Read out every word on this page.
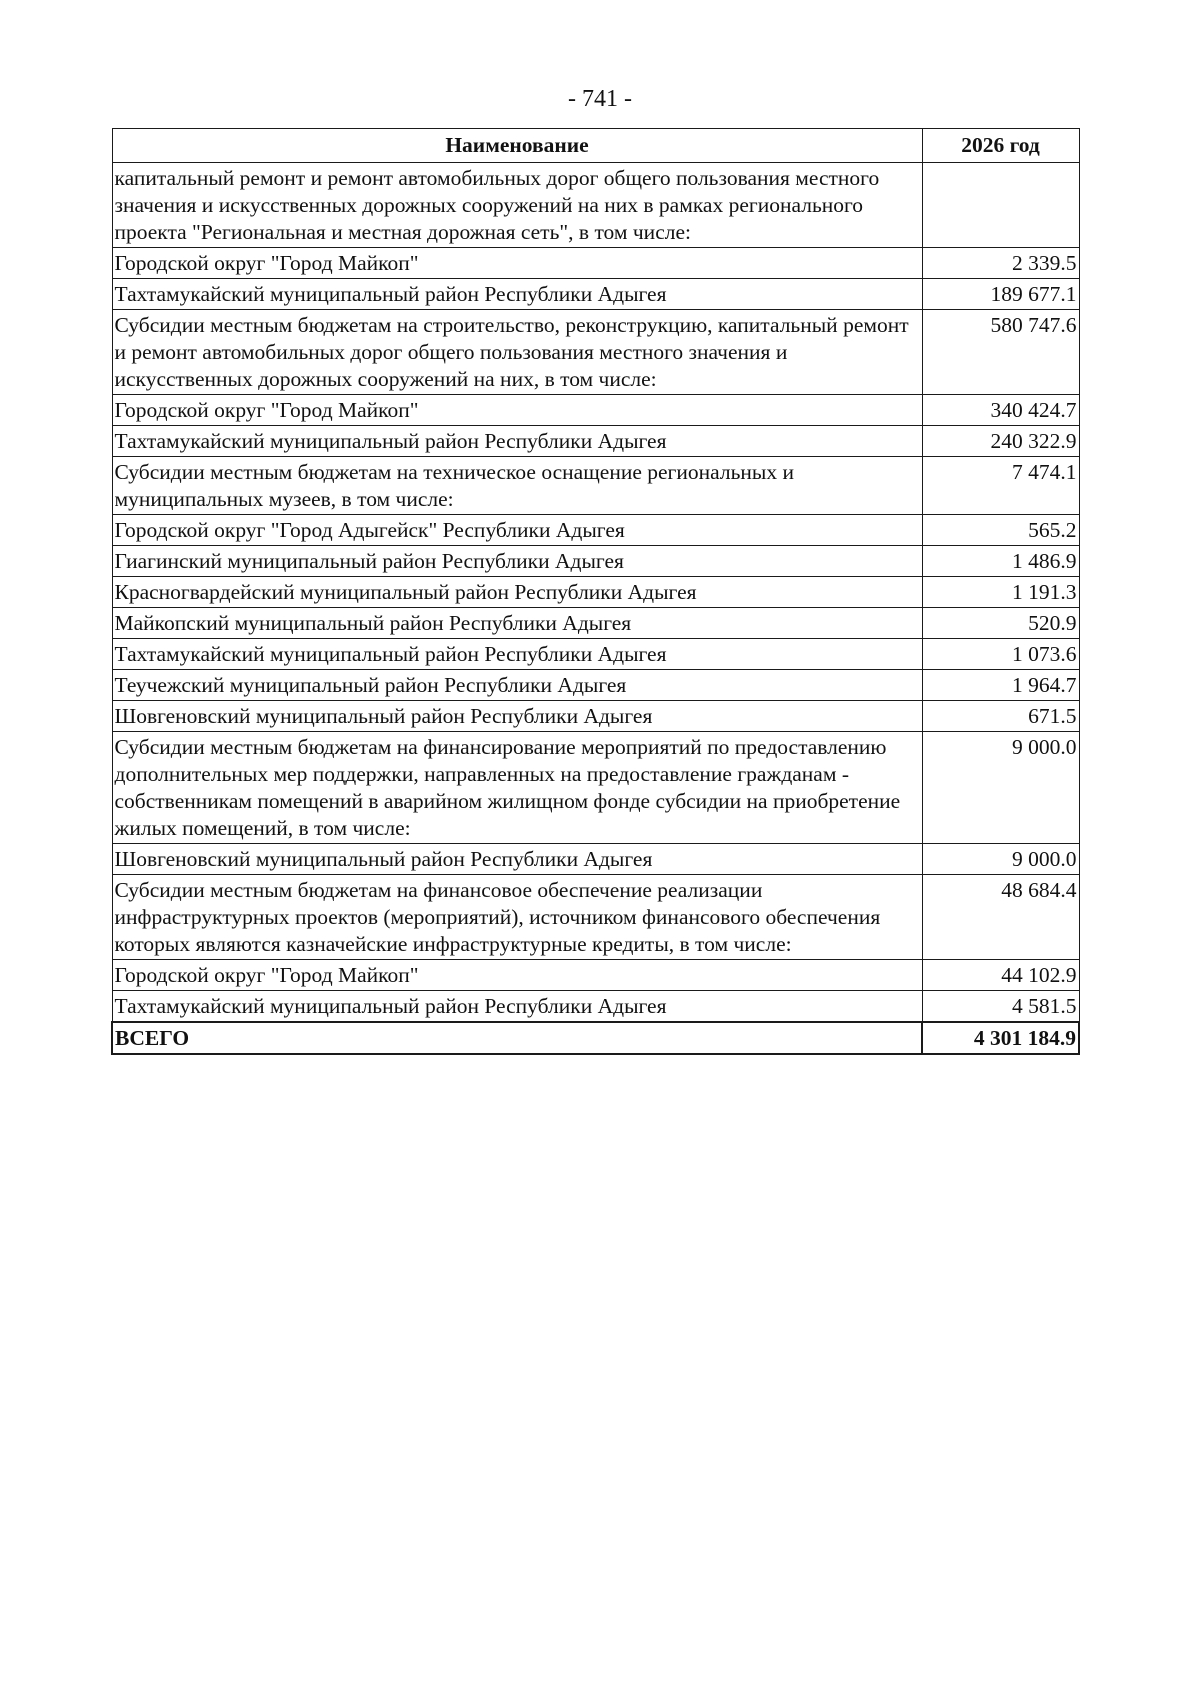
- 741 -
Наименование	2026 год
капитальный ремонт и ремонт автомобильных дорог общего пользования местного значения и искусственных дорожных сооружений на них в рамках регионального проекта "Региональная и местная дорожная сеть", в том числе:	
Городской округ "Город Майкоп"	2 339.5
Тахтамукайский муниципальный район Республики Адыгея	189 677.1
Субсидии местным бюджетам на строительство, реконструкцию, капитальный ремонт и ремонт автомобильных дорог общего пользования местного значения и искусственных дорожных сооружений на них, в том числе:	580 747.6
Городской округ "Город Майкоп"	340 424.7
Тахтамукайский муниципальный район Республики Адыгея	240 322.9
Субсидии местным бюджетам на техническое оснащение региональных и муниципальных музеев, в том числе:	7 474.1
Городской округ "Город Адыгейск" Республики Адыгея	565.2
Гиагинский муниципальный район Республики Адыгея	1 486.9
Красногвардейский муниципальный район Республики Адыгея	1 191.3
Майкопский муниципальный район Республики Адыгея	520.9
Тахтамукайский муниципальный район Республики Адыгея	1 073.6
Теучежский муниципальный район Республики Адыгея	1 964.7
Шовгеновский муниципальный район Республики Адыгея	671.5
Субсидии местным бюджетам на финансирование мероприятий по предоставлению дополнительных мер поддержки, направленных на предоставление гражданам - собственникам помещений в аварийном жилищном фонде субсидии на приобретение жилых помещений, в том числе:	9 000.0
Шовгеновский муниципальный район Республики Адыгея	9 000.0
Субсидии местным бюджетам на финансовое обеспечение реализации инфраструктурных проектов (мероприятий), источником финансового обеспечения которых являются казначейские инфраструктурные кредиты, в том числе:	48 684.4
Городской округ "Город Майкоп"	44 102.9
Тахтамукайский муниципальный район Республики Адыгея	4 581.5
ВСЕГО	4 301 184.9
